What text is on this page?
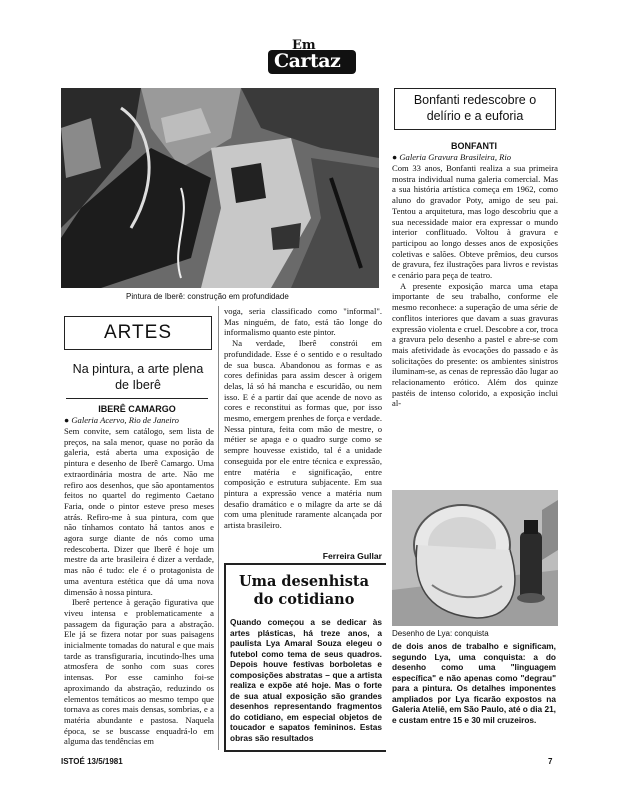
Em
Cartaz
Pintura de Iberê: construção em profundidade
ARTES
Na pintura, a arte plena de Iberê
IBERÊ CAMARGO
● Galeria Acervo, Rio de Janeiro

Sem convite, sem catálogo, sem lista de preços, na sala menor, quase no porão da galeria, está aberta uma exposição de pintura e desenho de Iberê Camargo. Uma extraordinária mostra de arte. Não me refiro aos desenhos, que são apontamentos feitos no quartel do regimento Caetano Faria, onde o pintor esteve preso meses atrás. Refiro-me à sua pintura, com que não tínhamos contato há tantos anos e agora surge diante de nós como uma redescoberta. Dizer que Iberê é hoje um mestre da arte brasileira é dizer a verdade, mas não é tudo: ele é o protagonista de uma aventura estética que dá uma nova dimensão à nossa pintura.

Iberê pertence à geração figurativa que viveu intensa e problematicamente a passagem da figuração para a abstração. Ele já se fizera notar por suas paisagens inicialmente tomadas do natural e que mais tarde as transfiguraria, incutindo-lhes uma atmosfera de sonho com suas cores intensas. Por esse caminho foi-se aproximando da abstração, reduzindo os elementos temáticos ao mesmo tempo que tornava as cores mais densas, sombrias, e a matéria abundante e pastosa. Naquela época, se se buscasse enquadrá-lo em alguma das tendências em

voga, seria classificado como "informal". Mas ninguém, de fato, está tão longe do informalismo quanto este pintor.

Na verdade, Iberê constrói em profundidade. Esse é o sentido e o resultado de sua busca. Abandonou as formas e as cores definidas para assim descer à origem delas, lá só há mancha e escuridão, ou nem isso. E é a partir daí que acende de novo as cores e reconstitui as formas que, por isso mesmo, emergem prenhes de força e verdade. Nessa pintura, feita com mão de mestre, o métier se apaga e o quadro surge como se sempre houvesse existido, tal é a unidade conseguida por ele entre técnica e expressão, entre matéria e significação, entre composição e estrutura subjacente. Em sua pintura a expressão vence a matéria num desafio dramático e o milagre da arte se dá com uma plenitude raramente alcançada por artista brasileiro.

Ferreira Gullar
Bonfanti redescobre o delírio e a euforia
BONFANTI
● Galeria Gravura Brasileira, Rio

Com 33 anos, Bonfanti realiza a sua primeira mostra individual numa galeria comercial. Mas a sua história artística começa em 1962, como aluno do gravador Poty, amigo de seu pai. Tentou a arquitetura, mas logo descobriu que a sua necessidade maior era expressar o mundo interior conflituado. Voltou à gravura e participou ao longo desses anos de exposições coletivas e salões. Obteve prêmios, deu cursos de gravura, fez ilustrações para livros e revistas e cenário para peça de teatro.

A presente exposição marca uma etapa importante de seu trabalho, conforme ele mesmo reconhece: a superação de uma série de conflitos interiores que davam a suas gravuras expressão violenta e cruel. Descobre a cor, troca a gravura pelo desenho a pastel e abre-se com mais afetividade às evocações do passado e às solicitações do presente: os ambientes sinistros iluminam-se, as cenas de repressão dão lugar ao relacionamento erótico. Além dos quinze pastéis de intenso colorido, a exposição inclui al-

Desenho de Lya: conquista
Uma desenhista
do cotidiano
Quando começou a se dedicar às artes plásticas, há treze anos, a paulista Lya Amaral Souza elegeu o futebol como tema de seus quadros. Depois houve festivas borboletas e composições abstratas – que a artista realiza e expõe até hoje. Mas o forte de sua atual exposição são grandes desenhos representando fragmentos do cotidiano, em especial objetos de toucador e sapatos femininos. Estas obras são resultados
de dois anos de trabalho e significam, segundo Lya, uma conquista: a do desenho como uma "linguagem específica" e não apenas como "degrau" para a pintura. Os detalhes imponentes ampliados por Lya ficarão expostos na Galeria Ateliê, em São Paulo, até o dia 21, e custam entre 15 e 30 mil cruzeiros.
ISTOÉ 13/5/1981	7
